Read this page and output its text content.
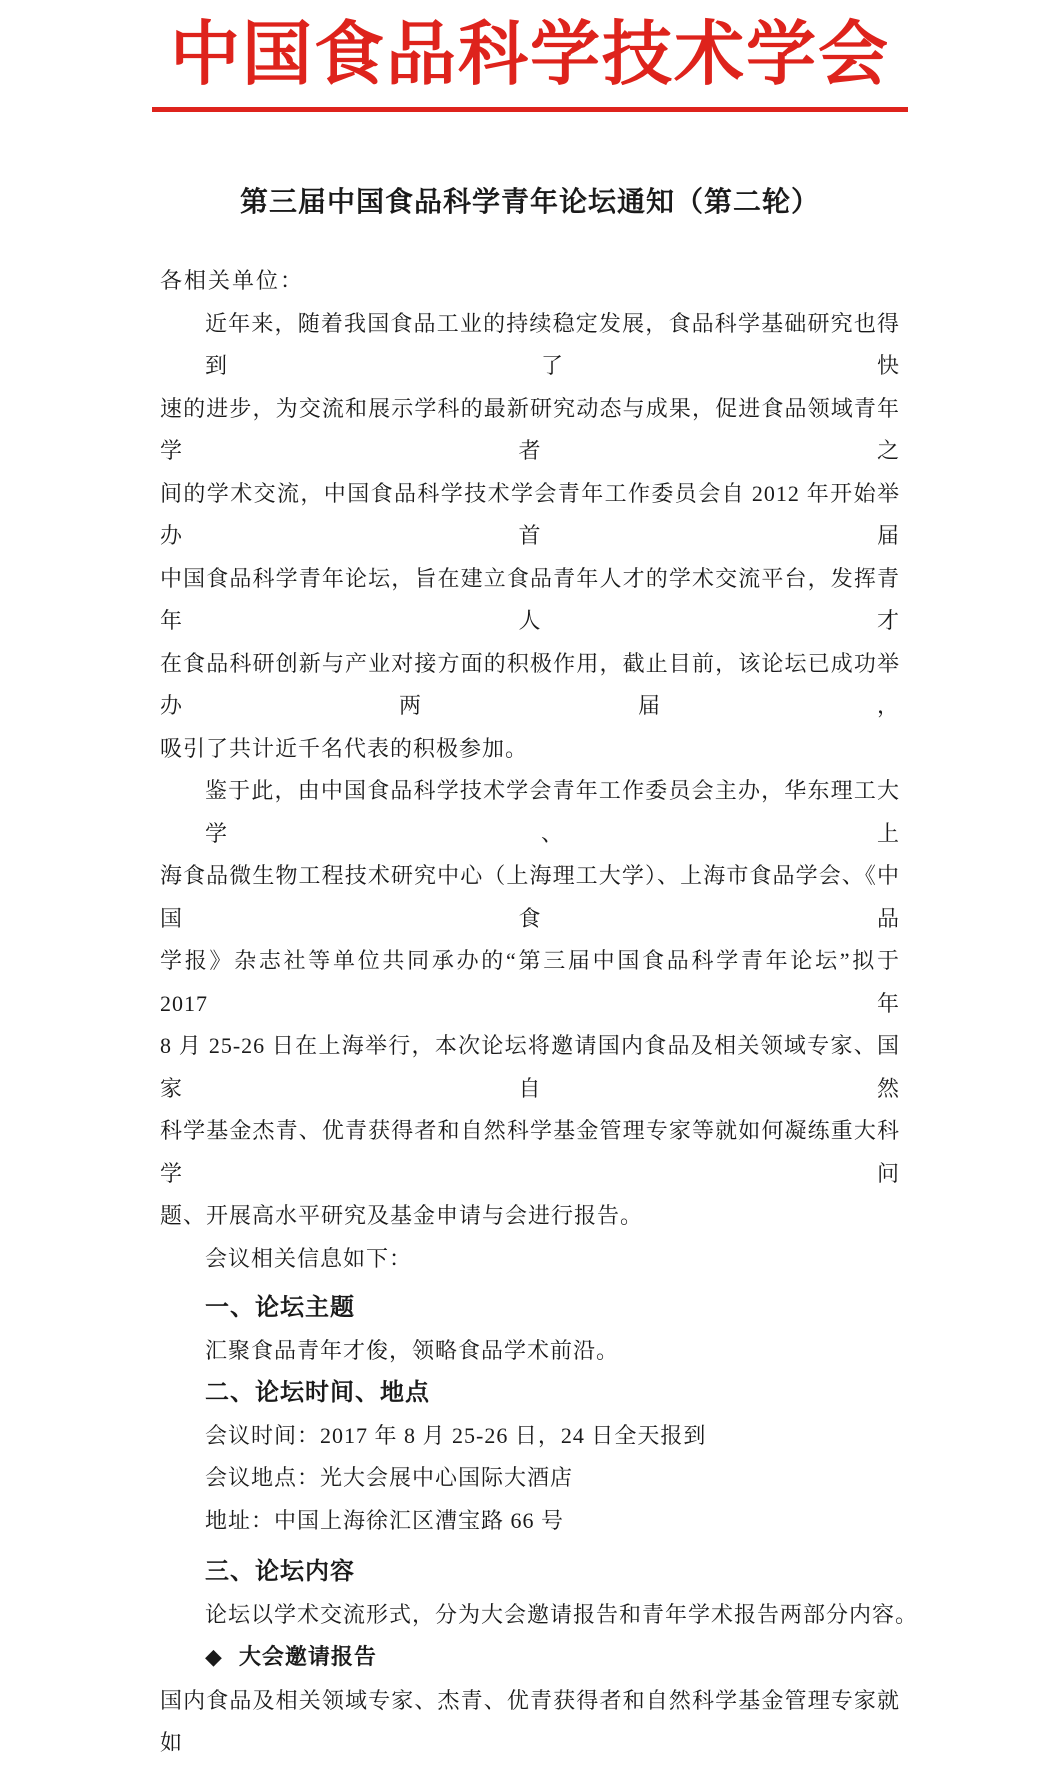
中国食品科学技术学会
第三届中国食品科学青年论坛通知（第二轮）
各相关单位：
近年来，随着我国食品工业的持续稳定发展，食品科学基础研究也得到了快
速的进步，为交流和展示学科的最新研究动态与成果，促进食品领域青年学者之
间的学术交流，中国食品科学技术学会青年工作委员会自 2012 年开始举办首届
中国食品科学青年论坛，旨在建立食品青年人才的学术交流平台，发挥青年人才
在食品科研创新与产业对接方面的积极作用，截止目前，该论坛已成功举办两届，
吸引了共计近千名代表的积极参加。
鉴于此，由中国食品科学技术学会青年工作委员会主办，华东理工大学、上
海食品微生物工程技术研究中心（上海理工大学）、上海市食品学会、《中国食品
学报》杂志社等单位共同承办的“第三届中国食品科学青年论坛”拟于 2017 年
8 月 25-26 日在上海举行，本次论坛将邀请国内食品及相关领域专家、国家自然
科学基金杰青、优青获得者和自然科学基金管理专家等就如何凝练重大科学问
题、开展高水平研究及基金申请与会进行报告。
会议相关信息如下：
一、论坛主题
汇聚食品青年才俊，领略食品学术前沿。
二、论坛时间、地点
会议时间：2017 年 8 月 25-26 日，24 日全天报到
会议地点：光大会展中心国际大酒店
地址：中国上海徐汇区漕宝路 66 号
三、论坛内容
论坛以学术交流形式，分为大会邀请报告和青年学术报告两部分内容。
◆ 大会邀请报告
国内食品及相关领域专家、杰青、优青获得者和自然科学基金管理专家就如
